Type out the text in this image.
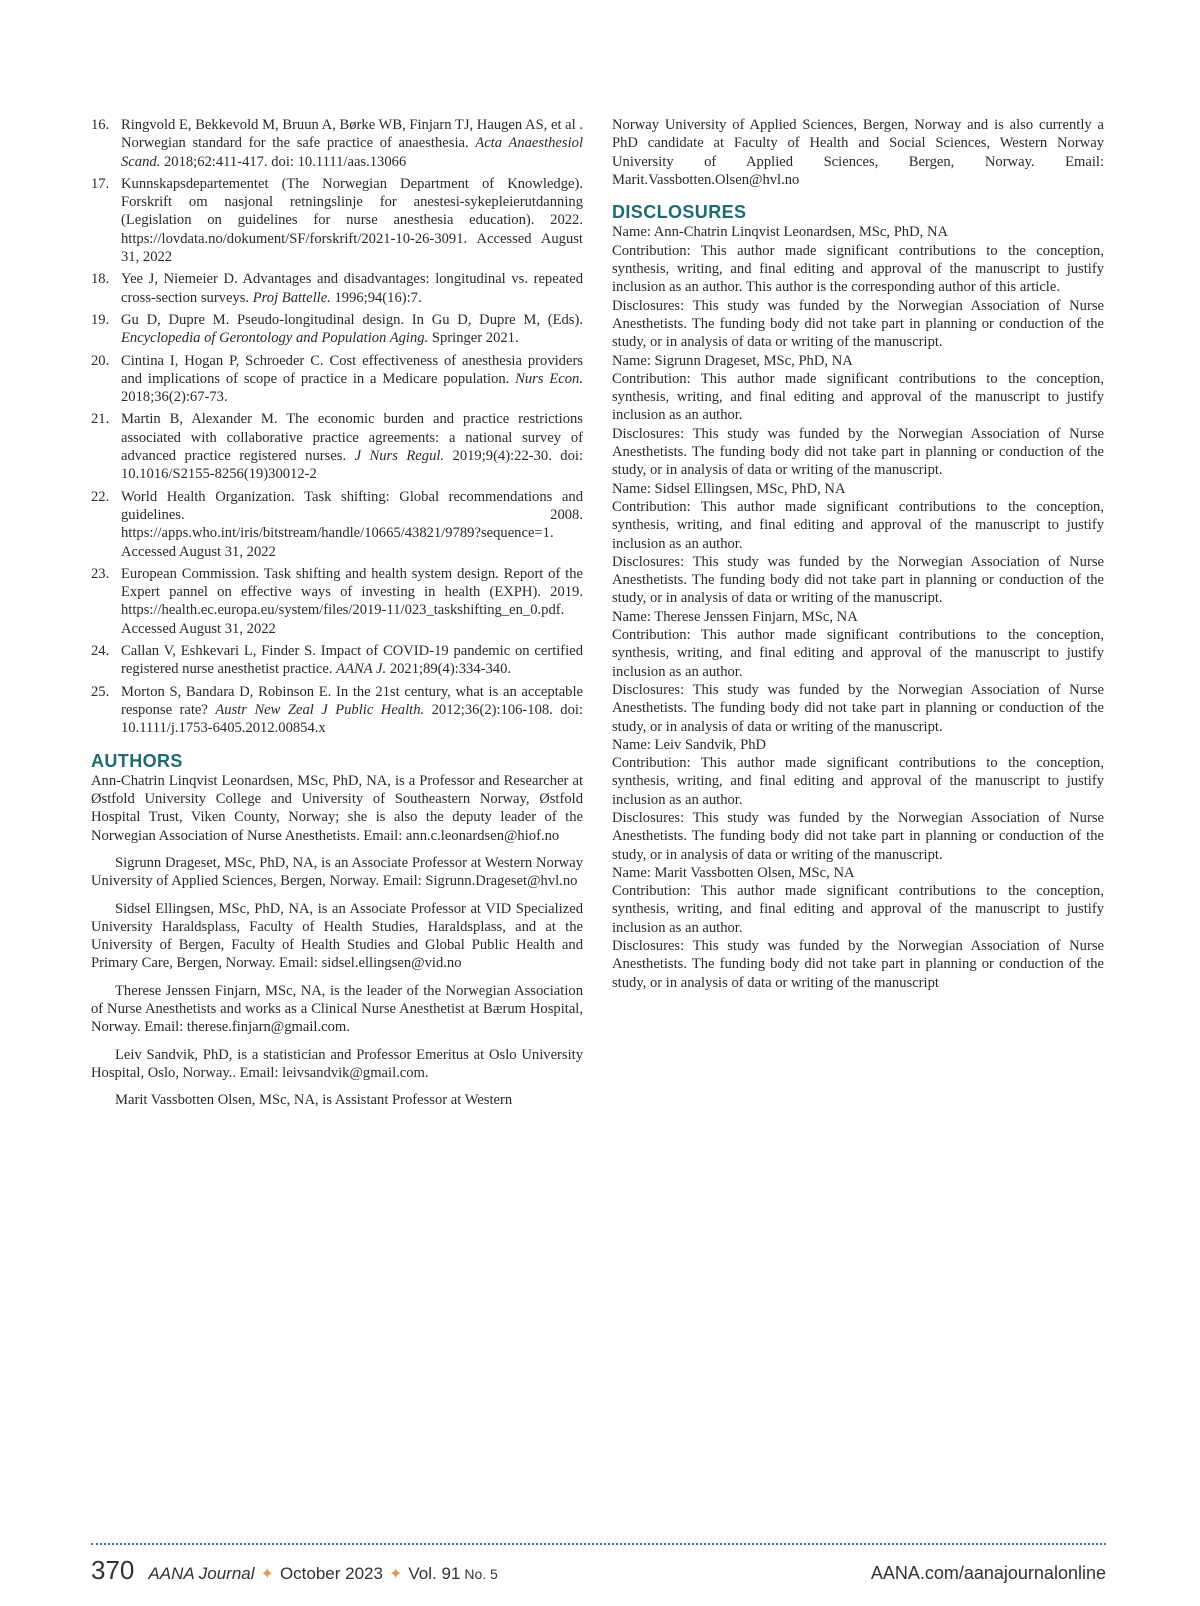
16. Ringvold E, Bekkevold M, Bruun A, Børke WB, Finjarn TJ, Haugen AS, et al . Norwegian standard for the safe practice of anaesthesia. Acta Anaesthesiol Scand. 2018;62:411-417. doi: 10.1111/aas.13066
17. Kunnskapsdepartementet (The Norwegian Department of Knowledge). Forskrift om nasjonal retningslinje for anestesi-sykepleierutdanning (Legislation on guidelines for nurse anesthesia education). 2022. https://lovdata.no/dokument/SF/forskrift/2021-10-26-3091. Accessed August 31, 2022
18. Yee J, Niemeier D. Advantages and disadvantages: longitudinal vs. repeated cross-section surveys. Proj Battelle. 1996;94(16):7.
19. Gu D, Dupre M. Pseudo-longitudinal design. In Gu D, Dupre M, (Eds). Encyclopedia of Gerontology and Population Aging. Springer 2021.
20. Cintina I, Hogan P, Schroeder C. Cost effectiveness of anesthesia providers and implications of scope of practice in a Medicare population. Nurs Econ. 2018;36(2):67-73.
21. Martin B, Alexander M. The economic burden and practice restrictions associated with collaborative practice agreements: a national survey of advanced practice registered nurses. J Nurs Regul. 2019;9(4):22-30. doi: 10.1016/S2155-8256(19)30012-2
22. World Health Organization. Task shifting: Global recommendations and guidelines. 2008. https://apps.who.int/iris/bitstream/handle/10665/43821/9789?sequence=1. Accessed August 31, 2022
23. European Commission. Task shifting and health system design. Report of the Expert pannel on effective ways of investing in health (EXPH). 2019. https://health.ec.europa.eu/system/files/2019-11/023_taskshifting_en_0.pdf. Accessed August 31, 2022
24. Callan V, Eshkevari L, Finder S. Impact of COVID-19 pandemic on certified registered nurse anesthetist practice. AANA J. 2021;89(4):334-340.
25. Morton S, Bandara D, Robinson E. In the 21st century, what is an acceptable response rate? Austr New Zeal J Public Health. 2012;36(2):106-108. doi: 10.1111/j.1753-6405.2012.00854.x
AUTHORS

Ann-Chatrin Linqvist Leonardsen, MSc, PhD, NA, is a Professor and Researcher at Østfold University College and University of Southeastern Norway, Østfold Hospital Trust, Viken County, Norway; she is also the deputy leader of the Norwegian Association of Nurse Anesthetists. Email: ann.c.leonardsen@hiof.no

Sigrunn Drageset, MSc, PhD, NA, is an Associate Professor at Western Norway University of Applied Sciences, Bergen, Norway. Email: Sigrunn.Drageset@hvl.no

Sidsel Ellingsen, MSc, PhD, NA, is an Associate Professor at VID Specialized University Haraldsplass, Faculty of Health Studies, Haraldsplass, and at the University of Bergen, Faculty of Health Studies and Global Public Health and Primary Care, Bergen, Norway. Email: sidsel.ellingsen@vid.no

Therese Jenssen Finjarn, MSc, NA, is the leader of the Norwegian Association of Nurse Anesthetists and works as a Clinical Nurse Anesthetist at Bærum Hospital, Norway. Email: therese.finjarn@gmail.com.

Leiv Sandvik, PhD, is a statistician and Professor Emeritus at Oslo University Hospital, Oslo, Norway.. Email: leivsandvik@gmail.com.

Marit Vassbotten Olsen, MSc, NA, is Assistant Professor at Western

Norway University of Applied Sciences, Bergen, Norway and is also currently a PhD candidate at Faculty of Health and Social Sciences, Western Norway University of Applied Sciences, Bergen, Norway. Email: Marit.Vassbotten.Olsen@hvl.no

DISCLOSURES

Name: Ann-Chatrin Linqvist Leonardsen, MSc, PhD, NA

Contribution: This author made significant contributions to the conception, synthesis, writing, and final editing and approval of the manuscript to justify inclusion as an author. This author is the corresponding author of this article.

Disclosures: This study was funded by the Norwegian Association of Nurse Anesthetists. The funding body did not take part in planning or conduction of the study, or in analysis of data or writing of the manuscript.

Name: Sigrunn Drageset, MSc, PhD, NA

Contribution: This author made significant contributions to the conception, synthesis, writing, and final editing and approval of the manuscript to justify inclusion as an author.

Disclosures: This study was funded by the Norwegian Association of Nurse Anesthetists. The funding body did not take part in planning or conduction of the study, or in analysis of data or writing of the manuscript.

Name: Sidsel Ellingsen, MSc, PhD, NA

Contribution: This author made significant contributions to the conception, synthesis, writing, and final editing and approval of the manuscript to justify inclusion as an author.

Disclosures: This study was funded by the Norwegian Association of Nurse Anesthetists. The funding body did not take part in planning or conduction of the study, or in analysis of data or writing of the manuscript.

Name: Therese Jenssen Finjarn, MSc, NA

Contribution: This author made significant contributions to the conception, synthesis, writing, and final editing and approval of the manuscript to justify inclusion as an author.

Disclosures: This study was funded by the Norwegian Association of Nurse Anesthetists. The funding body did not take part in planning or conduction of the study, or in analysis of data or writing of the manuscript.

Name: Leiv Sandvik, PhD

Contribution: This author made significant contributions to the conception, synthesis, writing, and final editing and approval of the manuscript to justify inclusion as an author.

Disclosures: This study was funded by the Norwegian Association of Nurse Anesthetists. The funding body did not take part in planning or conduction of the study, or in analysis of data or writing of the manuscript.

Name: Marit Vassbotten Olsen, MSc, NA

Contribution: This author made significant contributions to the conception, synthesis, writing, and final editing and approval of the manuscript to justify inclusion as an author.

Disclosures: This study was funded by the Norwegian Association of Nurse Anesthetists. The funding body did not take part in planning or conduction of the study, or in analysis of data or writing of the manuscript

370 AANA Journal ✦ October 2023 ✦ Vol. 91 No. 5	AANA.com/aanajournalonline
